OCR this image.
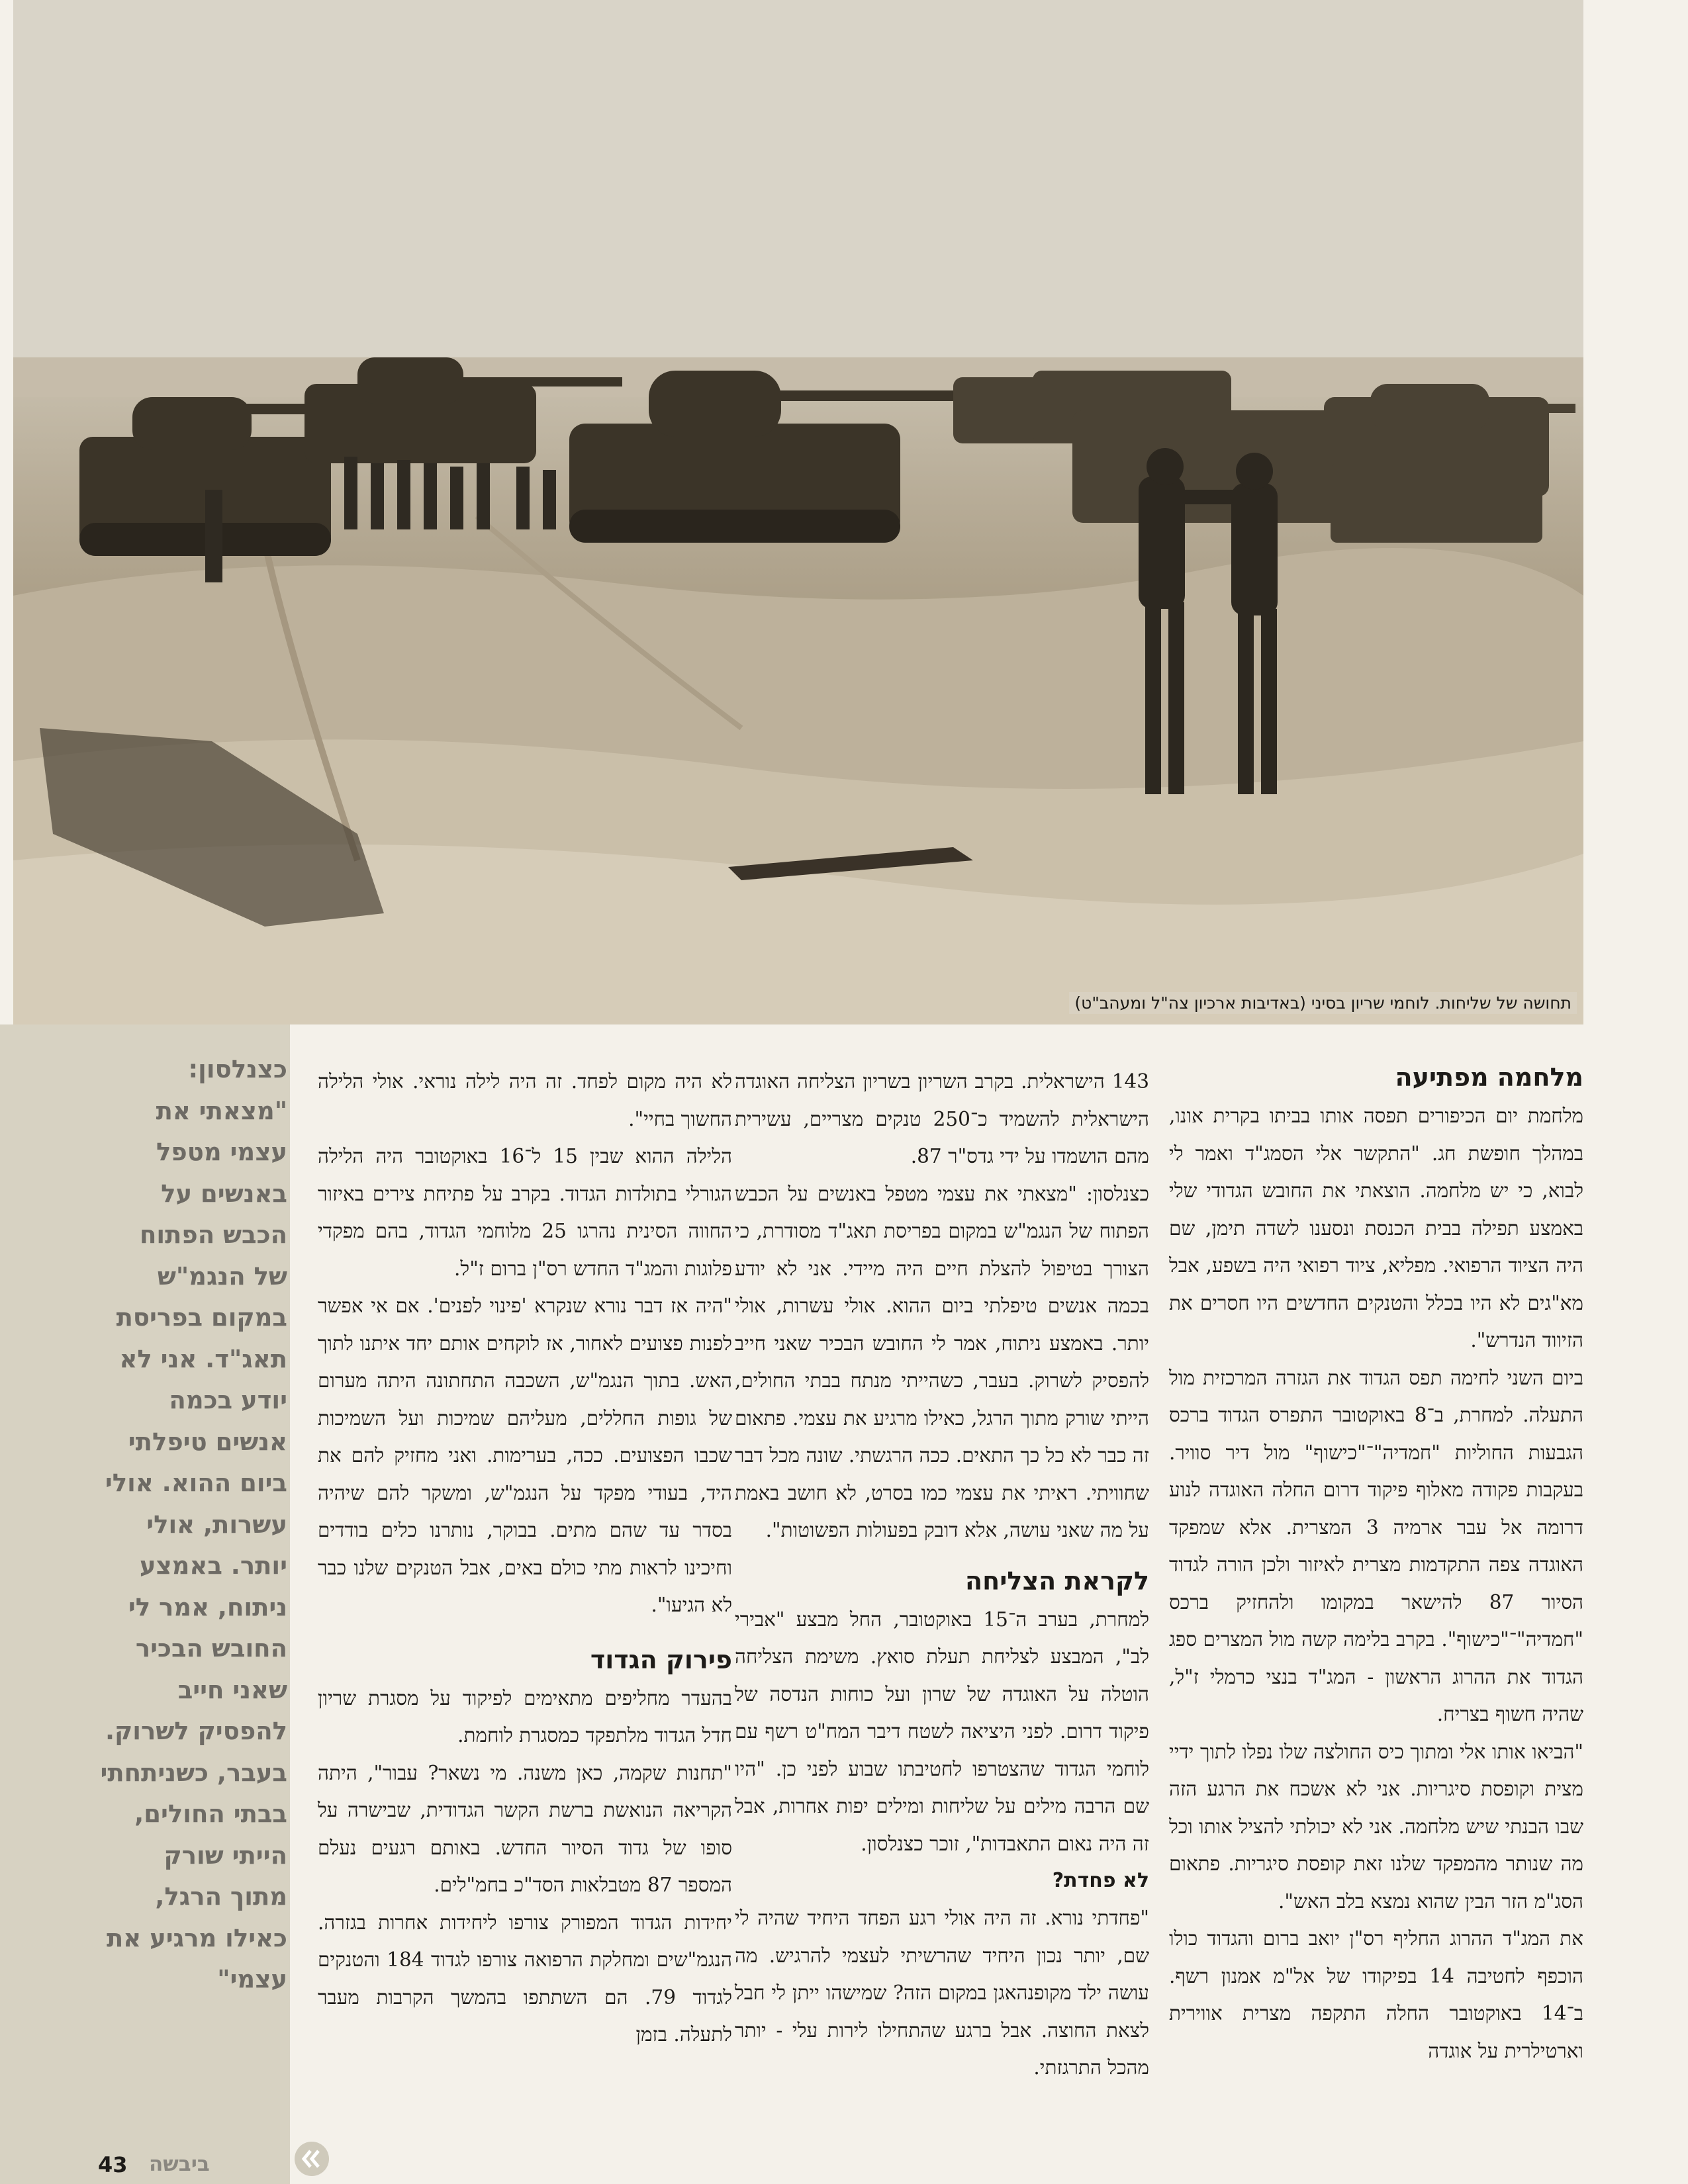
תחושה של שליחות. לוחמי שריון בסיני (באדיבות ארכיון צה"ל ומעהב"ט)
מלחמה מפתיעה

מלחמת יום הכיפורים תפסה אותו בביתו בקרית אונו, במהלך חופשת חג. "התקשר אלי הסמג"ד ואמר לי לבוא, כי יש מלחמה. הוצאתי את החובש הגדודי שלי באמצע תפילה בבית הכנסת ונסענו לשדה תימן, שם היה הציוד הרפואי. מפליא, ציוד רפואי היה בשפע, אבל מא"גים לא היו בכלל והטנקים החדשים היו חסרים את הזיווד הנדרש".

ביום השני לחימה תפס הגדוד את הגזרה המרכזית מול התעלה. למחרת, ב־8 באוקטובר התפרס הגדוד ברכס הגבעות החוליות "חמדיה"־"כישוף" מול דיר סוויר. בעקבות פקודה מאלוף פיקוד דרום החלה האוגדה לנוע דרומה אל עבר ארמיה 3 המצרית. אלא שמפקד האוגדה צפה התקדמות מצרית לאיזור ולכן הורה לגדוד הסיור 87 להישאר במקומו ולהחזיק ברכס "חמדיה"־"כישוף". בקרב בלימה קשה מול המצרים ספג הגדוד את ההרוג הראשון - המג"ד בנצי כרמלי ז"ל, שהיה חשוף בצריח.

"הביאו אותו אלי ומתוך כיס החולצה שלו נפלו לתוך ידיי מצית וקופסת סיגריות. אני לא אשכח את הרגע הזה שבו הבנתי שיש מלחמה. אני לא יכולתי להציל אותו וכל מה שנותר מהמפקד שלנו זאת קופסת סיגריות. פתאום הסג"מ הזר הבין שהוא נמצא בלב האש".

את המג"ד ההרוג החליף רס"ן יואב ברום והגדוד כולו הוכפף לחטיבה 14 בפיקודו של אל"מ אמנון רשף. ב־14 באוקטובר החלה התקפה מצרית אווירית וארטילרית על אוגדה

143 הישראלית. בקרב השריון בשריון הצליחה האוגדה הישראלית להשמיד כ־250 טנקים מצריים, עשירית מהם הושמדו על ידי גדס"ר 87.

כצנלסון: "מצאתי את עצמי מטפל באנשים על הכבש הפתוח של הנגמ"ש במקום בפריסת תאג"ד מסודרת, כי הצורך בטיפול להצלת חיים היה מיידי. אני לא יודע בכמה אנשים טיפלתי ביום ההוא. אולי עשרות, אולי יותר. באמצע ניתוח, אמר לי החובש הבכיר שאני חייב להפסיק לשרוק. בעבר, כשהייתי מנתח בבתי החולים, הייתי שורק מתוך הרגל, כאילו מרגיע את עצמי. פתאום זה כבר לא כל כך התאים. ככה הרגשתי. שונה מכל דבר שחוויתי. ראיתי את עצמי כמו בסרט, לא חושב באמת על מה שאני עושה, אלא דובק בפעולות הפשוטות".

לקראת הצליחה

למחרת, בערב ה־15 באוקטובר, החל מבצע "אבירי לב", המבצע לצליחת תעלת סואץ. משימת הצליחה הוטלה על האוגדה של שרון ועל כוחות הנדסה של פיקוד דרום. לפני היציאה לשטח דיבר המח"ט רשף עם לוחמי הגדוד שהצטרפו לחטיבתו שבוע לפני כן. "היו שם הרבה מילים על שליחות ומילים יפות אחרות, אבל זה היה נאום התאבדות", זוכר כצנלסון.

לא פחדת?

"פחדתי נורא. זה היה אולי רגע הפחד היחיד שהיה לי שם, יותר נכון היחיד שהרשיתי לעצמי להרגיש. מה עושה ילד מקופנהאגן במקום הזה? שמישהו ייתן לי חבל לצאת החוצה. אבל ברגע שהתחילו לירות עלי - יותר מהכל התרגזתי.

לא היה מקום לפחד. זה היה לילה נוראי. אולי הלילה החשוך בחיי".

הלילה ההוא שבין 15 ל־16 באוקטובר היה הלילה הגורלי בתולדות הגדוד. בקרב על פתיחת צירים באיזור החווה הסינית נהרגו 25 מלוחמי הגדוד, בהם מפקדי פלוגות והמג"ד החדש רס"ן ברום ז"ל.

"היה אז דבר נורא שנקרא 'פינוי לפנים'. אם אי אפשר לפנות פצועים לאחור, אז לוקחים אותם יחד איתנו לתוך האש. בתוך הנגמ"ש, השכבה התחתונה היתה מערום של גופות החללים, מעליהם שמיכות ועל השמיכות שכבו הפצועים. ככה, בערימות. ואני מחזיק להם את היד, בעודי מפקד על הנגמ"ש, ומשקר להם שיהיה בסדר עד שהם מתים. בבוקר, נותרנו כלים בודדים וחיכינו לראות מתי כולם באים, אבל הטנקים שלנו כבר לא הגיעו".

פירוק הגדוד

בהעדר מחליפים מתאימים לפיקוד על מסגרת שריון חדל הגדוד מלתפקד כמסגרת לוחמת.

"תחנות שקמה, כאן משנה. מי נשאר? עבור", היתה הקריאה הנואשת ברשת הקשר הגדודית, שבישרה על סופו של גדוד הסיור החדש. באותם רגעים נעלם המספר 87 מטבלאות הסד"כ בחמ"לים.

יחידות הגדוד המפורק צורפו ליחידות אחרות בגזרה. הנגמ"שים ומחלקת הרפואה צורפו לגדוד 184 והטנקים לגדוד 79. הם השתתפו בהמשך הקרבות מעבר לתעלה. בזמן

כצנלסון: "מצאתי את עצמי מטפל באנשים על הכבש הפתוח של הנגמ"ש במקום בפריסת תאג"ד. אני לא יודע בכמה אנשים טיפלתי ביום ההוא. אולי עשרות, אולי יותר. באמצע ניתוח, אמר לי החובש הבכיר שאני חייב להפסיק לשרוק. בעבר, כשניתחתי בבתי החולים, הייתי שורק מתוך הרגל, כאילו מרגיע את עצמי"
43 ביבשה
